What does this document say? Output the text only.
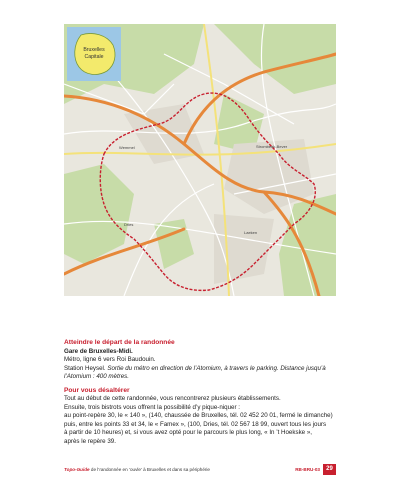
Wemmel	Strombeek-Bever
Dries
Laeken
Bruxelles
Capitale

Atteindre le départ de la randonnée

Gare de Bruxelles-Midi.

Métro, ligne 6 vers Roi Baudouin.

Station Heysel. Sortie du métro en direction de l’Atomium, à travers le parking. Distance jusqu’à

l’Atomium : 400 mètres.

Pour vous désaltérer

Tout au début de cette randonnée, vous rencontrerez plusieurs établissements.

Ensuite, trois bistrots vous offrent la possibilité d’y pique-niquer :

au point-repère 30, le « 140 », (140, chaussée de Bruxelles, tél. 02 452 20 01, fermé le dimanche)

puis, entre les points 33 et 34, le « Famex », (100, Dries, tél. 02 567 18 99, ouvert tous les jours

à partir de 10 heures) et, si vous avez opté pour le parcours le plus long, « In ’t Hoekske »,

après le repère 39.

Topo-Guide de l’randonnée en ‘ouvle’ à Bruxelles et dans sa périphérie	RB-BRU-03	29
